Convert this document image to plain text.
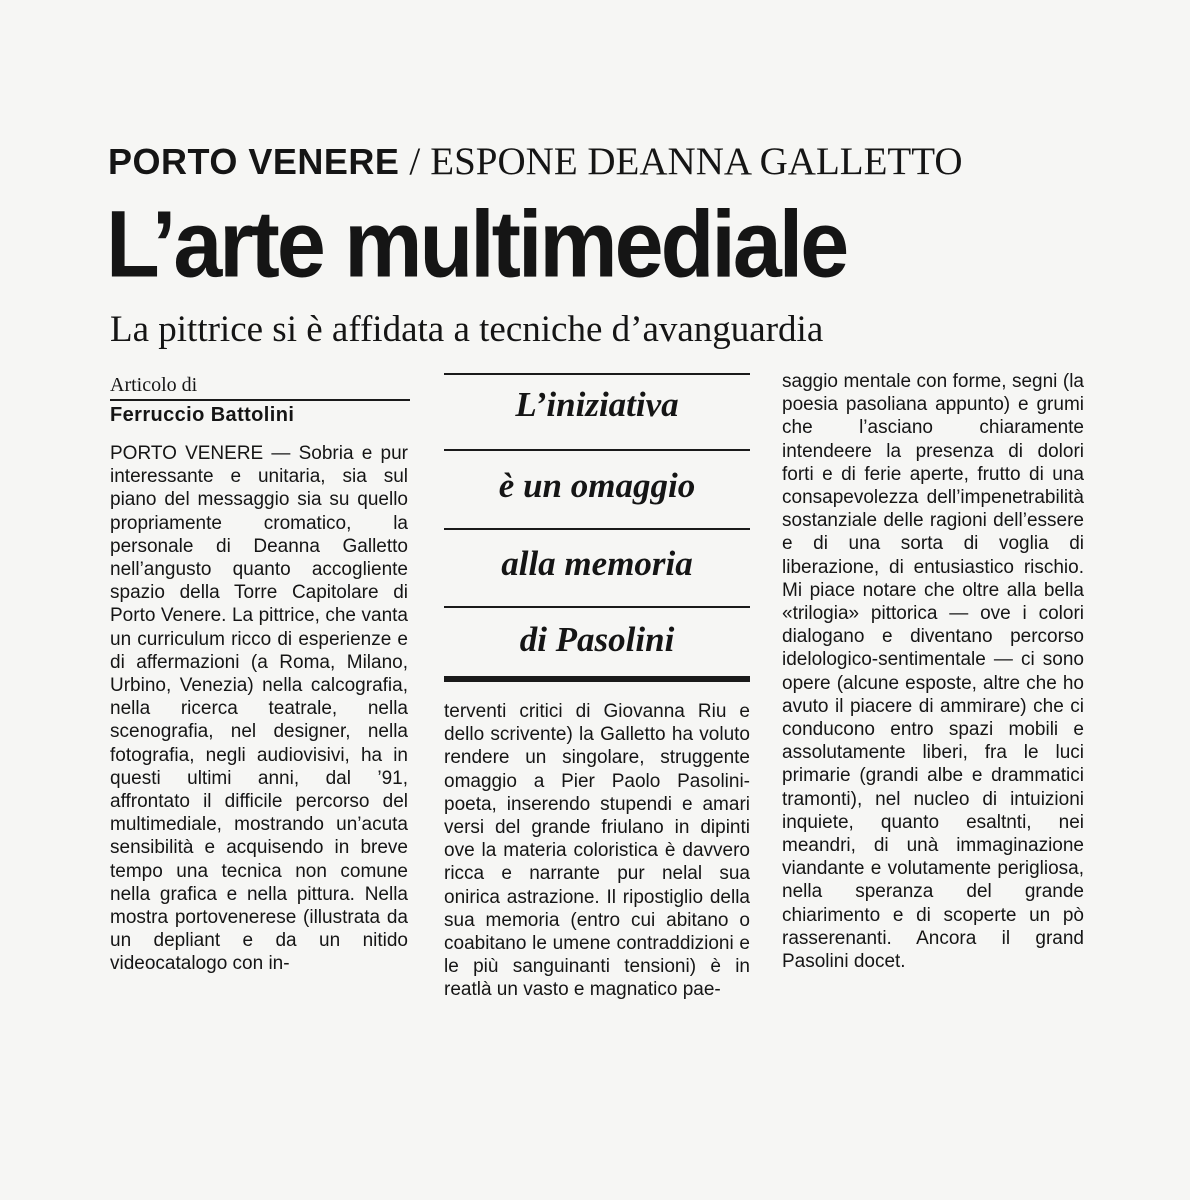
PORTO VENERE / ESPONE DEANNA GALLETTO
L’arte multimediale
La pittrice si è affidata a tecniche d’avanguardia
Articolo di
Ferruccio Battolini

PORTO VENERE — Sobria e pur interessante e unitaria, sia sul piano del messaggio sia su quello propriamente cromatico, la personale di Deanna Galletto nell’angusto quanto accogliente spazio della Torre Capitolare di Porto Venere. La pittrice, che vanta un curriculum ricco di esperienze e di affermazioni (a Roma, Milano, Urbino, Venezia) nella calcografia, nella ricerca teatrale, nella scenografia, nel designer, nella fotografia, negli audiovisivi, ha in questi ultimi anni, dal ’91, affrontato il difficile percorso del multimediale, mostrando un’acuta sensibilità e acquisendo in breve tempo una tecnica non comune nella grafica e nella pittura. Nella mostra portovenerese (illustrata da un depliant e da un nitido videocatalogo con in-

L’iniziativa
è un omaggio
alla memoria
di Pasolini

terventi critici di Giovanna Riu e dello scrivente) la Galletto ha voluto rendere un singolare, struggente omaggio a Pier Paolo Pasolini-poeta, inserendo stupendi e amari versi del grande friulano in dipinti ove la materia coloristica è davvero ricca e narrante pur nelal sua onirica astrazione. Il ripostiglio della sua memoria (entro cui abitano o coabitano le umene contraddizioni e le più sanguinanti tensioni) è in reatlà un vasto e magnatico pae-

saggio mentale con forme, segni (la poesia pasoliana appunto) e grumi che l’asciano chiaramente intendeere la presenza di dolori forti e di ferie aperte, frutto di una consapevolezza dell’impenetrabilità sostanziale delle ragioni dell’essere e di una sorta di voglia di liberazione, di entusiastico rischio. Mi piace notare che oltre alla bella «trilogia» pittorica — ove i colori dialogano e diventano percorso idelologico-sentimentale — ci sono opere (alcune esposte, altre che ho avuto il piacere di ammirare) che ci conducono entro spazi mobili e assolutamente liberi, fra le luci primarie (grandi albe e drammatici tramonti), nel nucleo di intuizioni inquiete, quanto esaltnti, nei meandri, di unà immaginazione viandante e volutamente perigliosa, nella speranza del grande chiarimento e di scoperte un pò rasserenanti. Ancora il grand Pasolini docet.
